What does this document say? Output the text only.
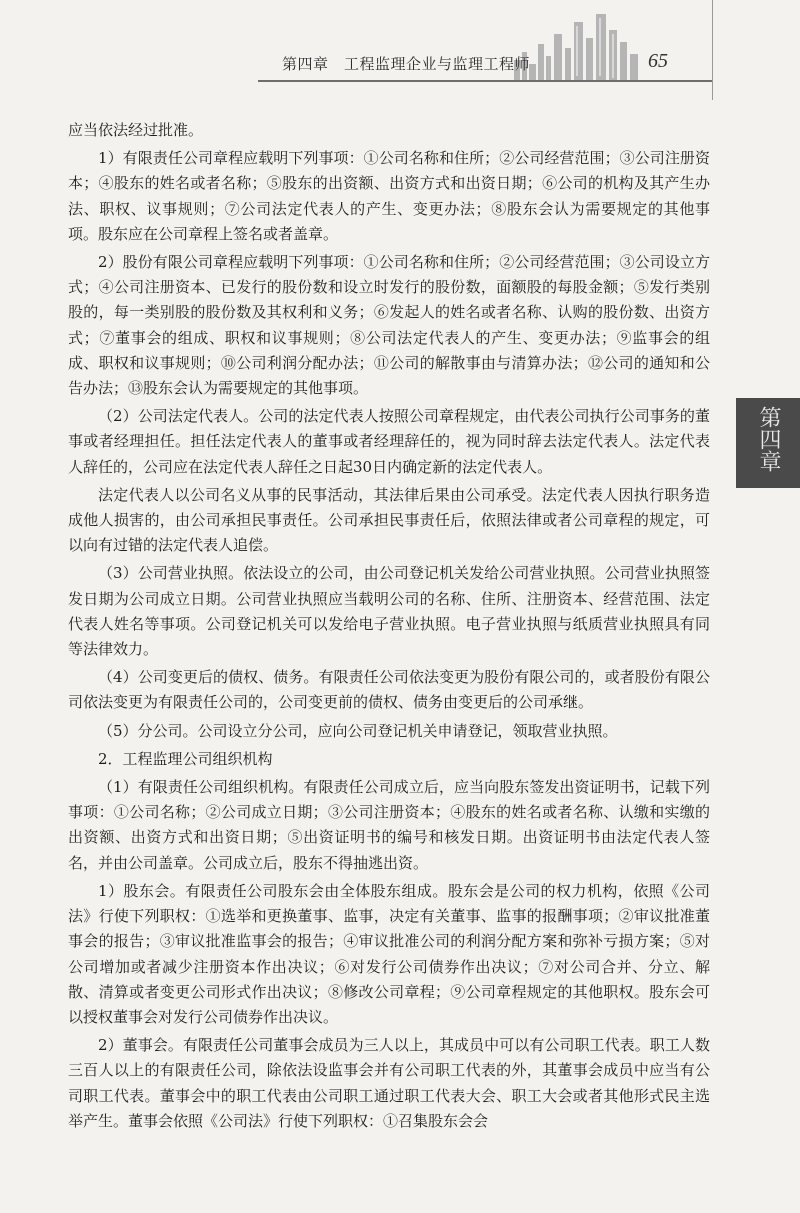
第四章　工程监理企业与监理工程师	65
第四章

应当依法经过批准。

1）有限责任公司章程应载明下列事项：①公司名称和住所；②公司经营范围；③公司注册资本；④股东的姓名或者名称；⑤股东的出资额、出资方式和出资日期；⑥公司的机构及其产生办法、职权、议事规则；⑦公司法定代表人的产生、变更办法；⑧股东会认为需要规定的其他事项。股东应在公司章程上签名或者盖章。

2）股份有限公司章程应载明下列事项：①公司名称和住所；②公司经营范围；③公司设立方式；④公司注册资本、已发行的股份数和设立时发行的股份数，面额股的每股金额；⑤发行类别股的，每一类别股的股份数及其权利和义务；⑥发起人的姓名或者名称、认购的股份数、出资方式；⑦董事会的组成、职权和议事规则；⑧公司法定代表人的产生、变更办法；⑨监事会的组成、职权和议事规则；⑩公司利润分配办法；⑪公司的解散事由与清算办法；⑫公司的通知和公告办法；⑬股东会认为需要规定的其他事项。

（2）公司法定代表人。公司的法定代表人按照公司章程规定，由代表公司执行公司事务的董事或者经理担任。担任法定代表人的董事或者经理辞任的，视为同时辞去法定代表人。法定代表人辞任的，公司应在法定代表人辞任之日起30日内确定新的法定代表人。

法定代表人以公司名义从事的民事活动，其法律后果由公司承受。法定代表人因执行职务造成他人损害的，由公司承担民事责任。公司承担民事责任后，依照法律或者公司章程的规定，可以向有过错的法定代表人追偿。

（3）公司营业执照。依法设立的公司，由公司登记机关发给公司营业执照。公司营业执照签发日期为公司成立日期。公司营业执照应当载明公司的名称、住所、注册资本、经营范围、法定代表人姓名等事项。公司登记机关可以发给电子营业执照。电子营业执照与纸质营业执照具有同等法律效力。

（4）公司变更后的债权、债务。有限责任公司依法变更为股份有限公司的，或者股份有限公司依法变更为有限责任公司的，公司变更前的债权、债务由变更后的公司承继。

（5）分公司。公司设立分公司，应向公司登记机关申请登记，领取营业执照。

2．工程监理公司组织机构

（1）有限责任公司组织机构。有限责任公司成立后，应当向股东签发出资证明书，记载下列事项：①公司名称；②公司成立日期；③公司注册资本；④股东的姓名或者名称、认缴和实缴的出资额、出资方式和出资日期；⑤出资证明书的编号和核发日期。出资证明书由法定代表人签名，并由公司盖章。公司成立后，股东不得抽逃出资。

1）股东会。有限责任公司股东会由全体股东组成。股东会是公司的权力机构，依照《公司法》行使下列职权：①选举和更换董事、监事，决定有关董事、监事的报酬事项；②审议批准董事会的报告；③审议批准监事会的报告；④审议批准公司的利润分配方案和弥补亏损方案；⑤对公司增加或者减少注册资本作出决议；⑥对发行公司债券作出决议；⑦对公司合并、分立、解散、清算或者变更公司形式作出决议；⑧修改公司章程；⑨公司章程规定的其他职权。股东会可以授权董事会对发行公司债券作出决议。

2）董事会。有限责任公司董事会成员为三人以上，其成员中可以有公司职工代表。职工人数三百人以上的有限责任公司，除依法设监事会并有公司职工代表的外，其董事会成员中应当有公司职工代表。董事会中的职工代表由公司职工通过职工代表大会、职工大会或者其他形式民主选举产生。董事会依照《公司法》行使下列职权：①召集股东会会
